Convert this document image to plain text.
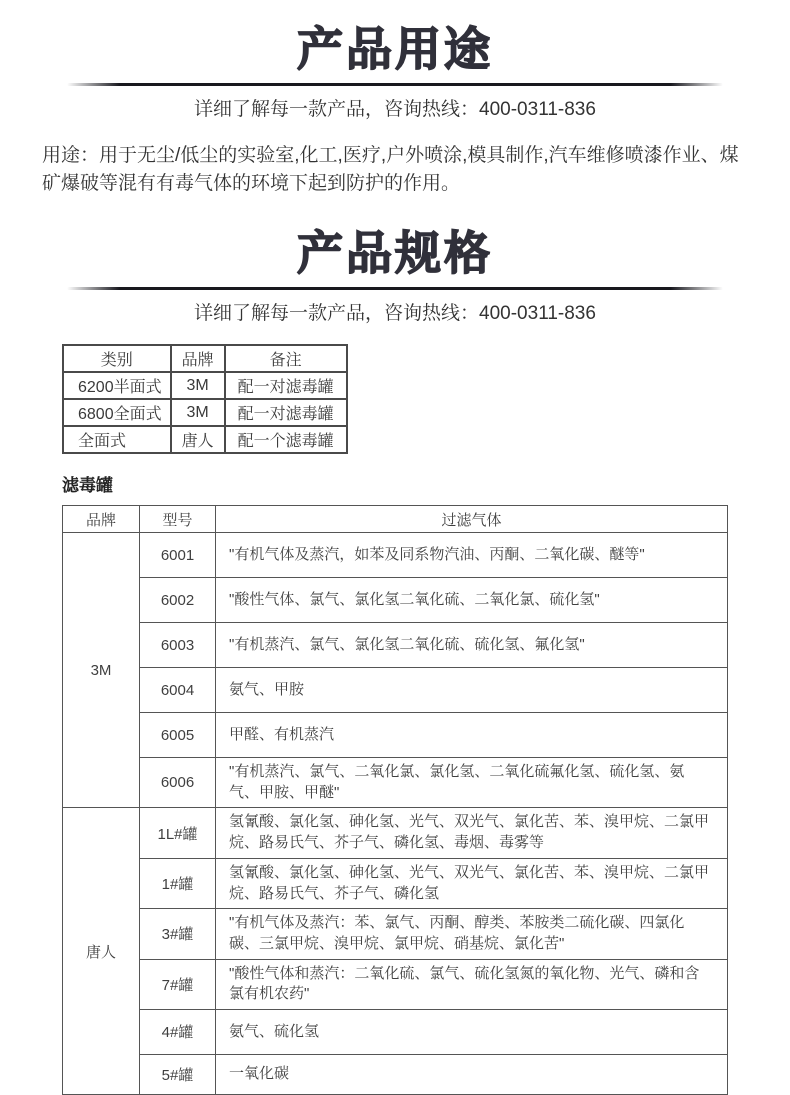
产品用途
详细了解每一款产品，咨询热线：400-0311-836

用途：用于无尘/低尘的实验室,化工,医疗,户外喷涂,模具制作,汽车维修喷漆作业、煤矿爆破等混有有毒气体的环境下起到防护的作用。

产品规格
详细了解每一款产品，咨询热线：400-0311-836
类别	品牌	备注
6200半面式	3M	配一对滤毒罐
6800全面式	3M	配一对滤毒罐
全面式	唐人	配一个滤毒罐
滤毒罐
品牌	型号	过滤气体
3M	6001	"有机气体及蒸汽，如苯及同系物汽油、丙酮、二氧化碳、醚等"
	6002	"酸性气体、氯气、氯化氢二氧化硫、二氧化氯、硫化氢"
	6003	"有机蒸汽、氯气、氯化氢二氧化硫、硫化氢、氟化氢"
	6004	氨气、甲胺
	6005	甲醛、有机蒸汽
	6006	"有机蒸汽、氯气、二氧化氯、氯化氢、二氧化硫氟化氢、硫化氢、氨气、甲胺、甲醚"
唐人	1L#罐	氢氰酸、氯化氢、砷化氢、光气、双光气、氯化苦、苯、溴甲烷、二氯甲烷、路易氏气、芥子气、磷化氢、毒烟、毒雾等
	1#罐	氢氰酸、氯化氢、砷化氢、光气、双光气、氯化苦、苯、溴甲烷、二氯甲烷、路易氏气、芥子气、磷化氢
	3#罐	"有机气体及蒸汽：苯、氯气、丙酮、醇类、苯胺类二硫化碳、四氯化碳、三氯甲烷、溴甲烷、氯甲烷、硝基烷、氯化苦"
	7#罐	"酸性气体和蒸汽：二氧化硫、氯气、硫化氢氮的氧化物、光气、磷和含氯有机农药"
	4#罐	氨气、硫化氢
	5#罐	一氧化碳
